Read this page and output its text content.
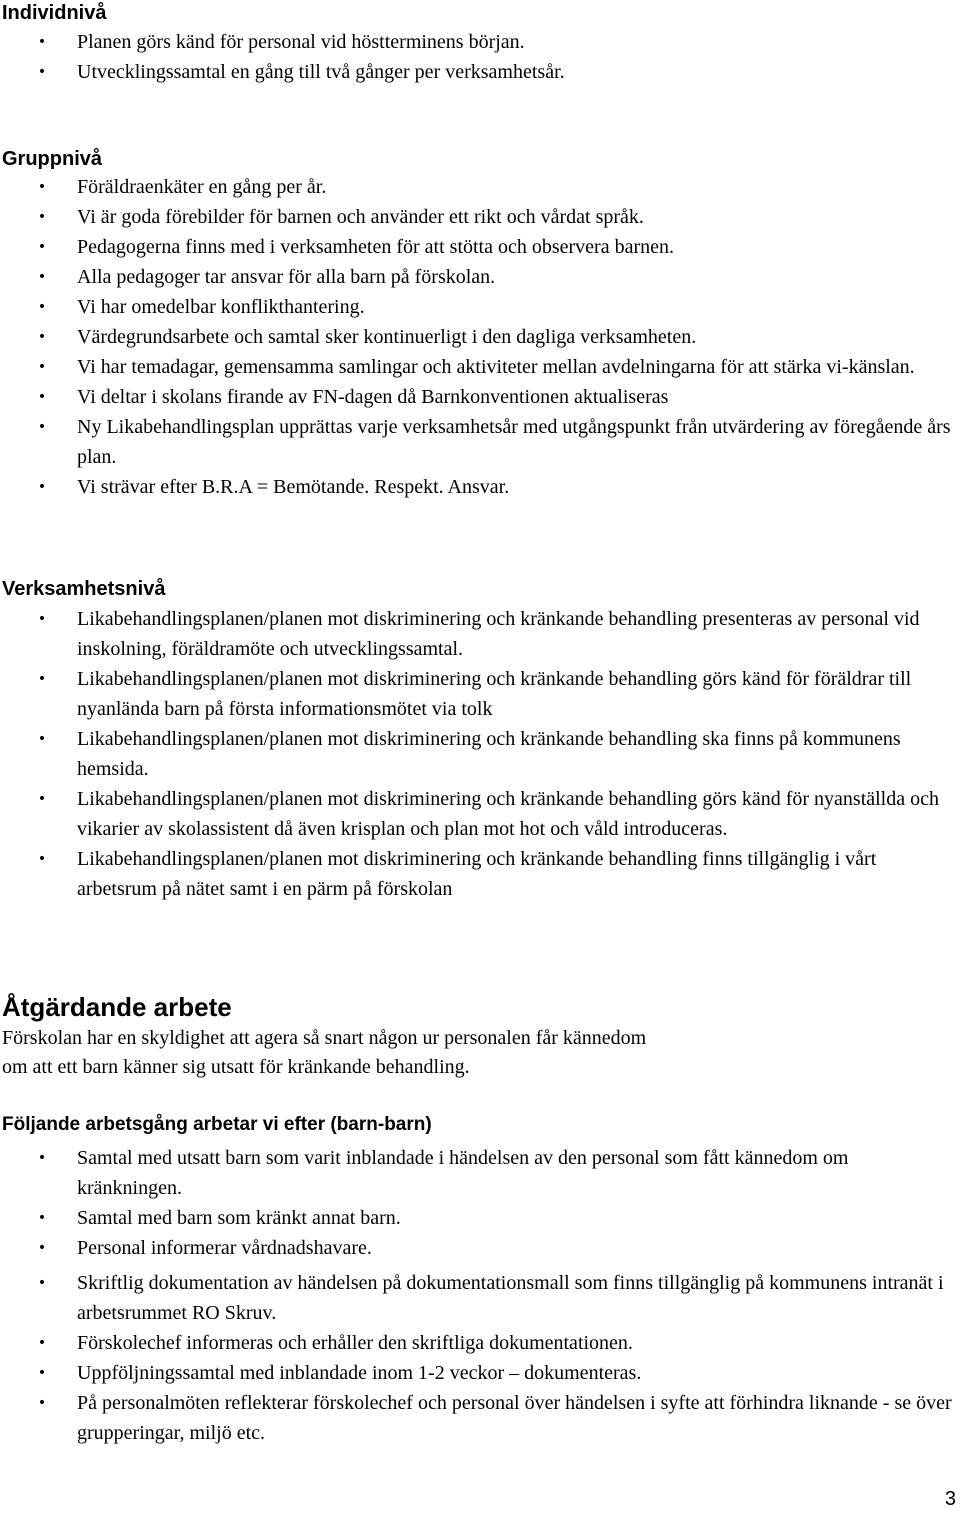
Individnivå
• Planen görs känd för personal vid höstterminens början.
• Utvecklingssamtal en gång till två gånger per verksamhetsår.
Gruppnivå
• Föräldraenkäter en gång per år.
• Vi är goda förebilder för barnen och använder ett rikt och vårdat språk.
• Pedagogerna finns med i verksamheten för att stötta och observera barnen.
• Alla pedagoger tar ansvar för alla barn på förskolan.
• Vi har omedelbar konflikthantering.
• Värdegrundsarbete och samtal sker kontinuerligt i den dagliga verksamheten.
• Vi har temadagar, gemensamma samlingar och aktiviteter mellan avdelningarna för att stärka vi-känslan.
• Vi deltar i skolans firande av FN-dagen då Barnkonventionen aktualiseras
• Ny Likabehandlingsplan upprättas varje verksamhetsår med utgångspunkt från utvärdering av föregående års plan.
• Vi strävar efter B.R.A = Bemötande. Respekt. Ansvar.
Verksamhetsnivå
• Likabehandlingsplanen/planen mot diskriminering och kränkande behandling presenteras av personal vid inskolning, föräldramöte och utvecklingssamtal.
• Likabehandlingsplanen/planen mot diskriminering och kränkande behandling görs känd för föräldrar till nyanlända barn på första informationsmötet via tolk
• Likabehandlingsplanen/planen mot diskriminering och kränkande behandling ska finns på kommunens hemsida.
• Likabehandlingsplanen/planen mot diskriminering och kränkande behandling görs känd för nyanställda och vikarier av skolassistent då även krisplan och plan mot hot och våld introduceras.
• Likabehandlingsplanen/planen mot diskriminering och kränkande behandling finns tillgänglig i vårt arbetsrum på nätet samt i en pärm på förskolan
Åtgärdande arbete

Förskolan har en skyldighet att agera så snart någon ur personalen får kännedom

om att ett barn känner sig utsatt för kränkande behandling.

Följande arbetsgång arbetar vi efter (barn-barn)
• Samtal med utsatt barn som varit inblandade i händelsen av den personal som fått kännedom om kränkningen.
• Samtal med barn som kränkt annat barn.
• Personal informerar vårdnadshavare.
• Skriftlig dokumentation av händelsen på dokumentationsmall som finns tillgänglig på kommunens intranät i arbetsrummet RO Skruv.
• Förskolechef informeras och erhåller den skriftliga dokumentationen.
• Uppföljningssamtal med inblandade inom 1-2 veckor – dokumenteras.
• På personalmöten reflekterar förskolechef och personal över händelsen i syfte att förhindra liknande - se över grupperingar, miljö etc.
3
